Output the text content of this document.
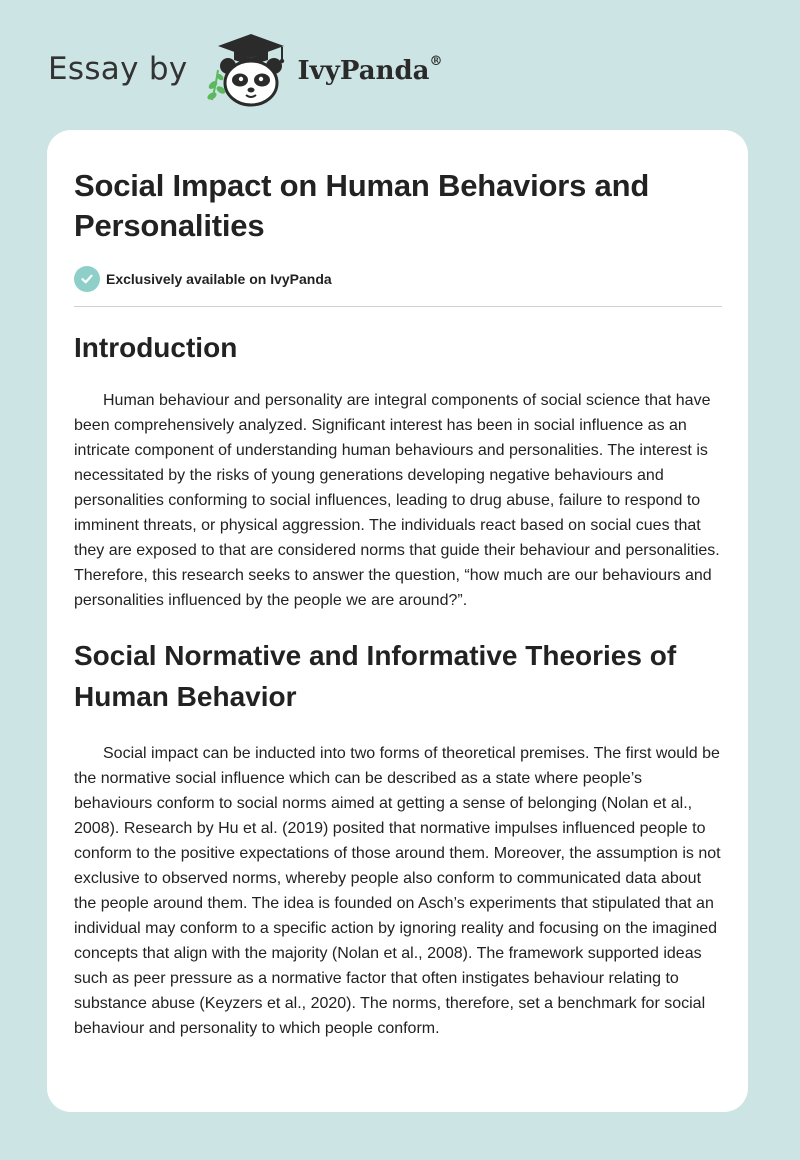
Essay by	IvyPanda®
Social Impact on Human Behaviors and Personalities
Exclusively available on IvyPanda
Introduction

Human behaviour and personality are integral components of social science that have been comprehensively analyzed. Significant interest has been in social influence as an intricate component of understanding human behaviours and personalities. The interest is necessitated by the risks of young generations developing negative behaviours and personalities conforming to social influences, leading to drug abuse, failure to respond to imminent threats, or physical aggression. The individuals react based on social cues that they are exposed to that are considered norms that guide their behaviour and personalities. Therefore, this research seeks to answer the question, “how much are our behaviours and personalities influenced by the people we are around?”.

Social Normative and Informative Theories of Human Behavior

Social impact can be inducted into two forms of theoretical premises. The first would be the normative social influence which can be described as a state where people’s behaviours conform to social norms aimed at getting a sense of belonging (Nolan et al., 2008). Research by Hu et al. (2019) posited that normative impulses influenced people to conform to the positive expectations of those around them. Moreover, the assumption is not exclusive to observed norms, whereby people also conform to communicated data about the people around them. The idea is founded on Asch’s experiments that stipulated that an individual may conform to a specific action by ignoring reality and focusing on the imagined concepts that align with the majority (Nolan et al., 2008). The framework supported ideas such as peer pressure as a normative factor that often instigates behaviour relating to substance abuse (Keyzers et al., 2020). The norms, therefore, set a benchmark for social behaviour and personality to which people conform.
